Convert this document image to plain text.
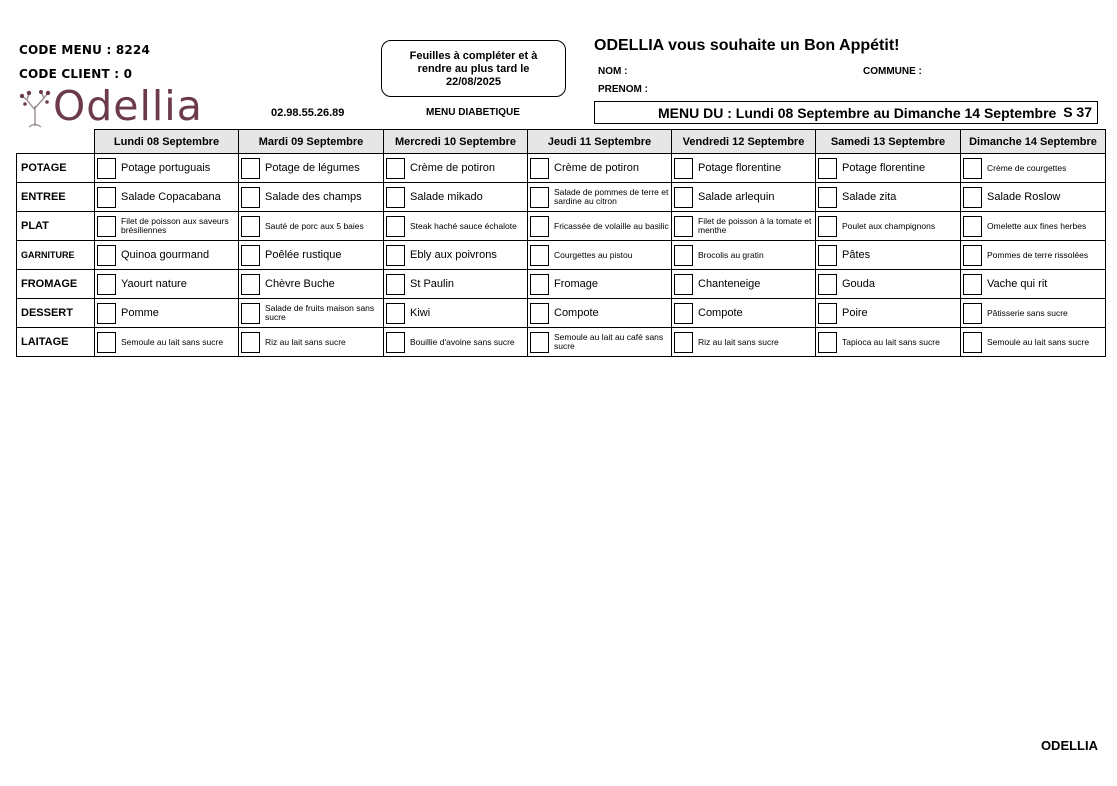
CODE MENU : 8224
CODE CLIENT : 0
Odellia	02.98.55.26.89
Feuilles à compléter et à
rendre au plus tard le
22/08/2025
MENU DIABETIQUE
ODELLIA vous souhaite un Bon Appétit!
NOM :	COMMUNE :
PRENOM :
MENU DU : Lundi 08 Septembre au Dimanche 14 Septembre S 37
	Lundi 08 Septembre	Mardi 09 Septembre	Mercredi 10 Septembre	Jeudi 11 Septembre	Vendredi 12 Septembre	Samedi 13 Septembre	Dimanche 14 Septembre
POTAGE	Potage portuguais	Potage de légumes	Crème de potiron	Crème de potiron	Potage florentine	Potage florentine	Crème de courgettes

ENTREE	Salade Copacabana	Salade des champs	Salade mikado	Salade de pommes de terre et sardine au citron	Salade arlequin	Salade zita	Salade Roslow

PLAT	Filet de poisson aux saveurs brésiliennes	Sauté de porc aux 5 baies	Steak haché sauce échalote	Fricassée de volaille au basilic	Filet de poisson à la tomate et menthe	Poulet aux champignons	Omelette aux fines herbes

GARNITURE	Quinoa gourmand	Poêlée rustique	Ebly aux poivrons	Courgettes au pistou	Brocolis au gratin	Pâtes	Pommes de terre rissolées

FROMAGE	Yaourt nature	Chèvre Buche	St Paulin	Fromage	Chanteneige	Gouda	Vache qui rit

DESSERT	Pomme	Salade de fruits maison sans sucre	Kiwi	Compote	Compote	Poire	Pâtisserie sans sucre

LAITAGE	Semoule au lait sans sucre	Riz au lait sans sucre	Bouillie d'avoine sans sucre	Semoule au lait au café sans sucre	Riz au lait sans sucre	Tapioca au lait sans sucre	Semoule au lait sans sucre
ODELLIA
